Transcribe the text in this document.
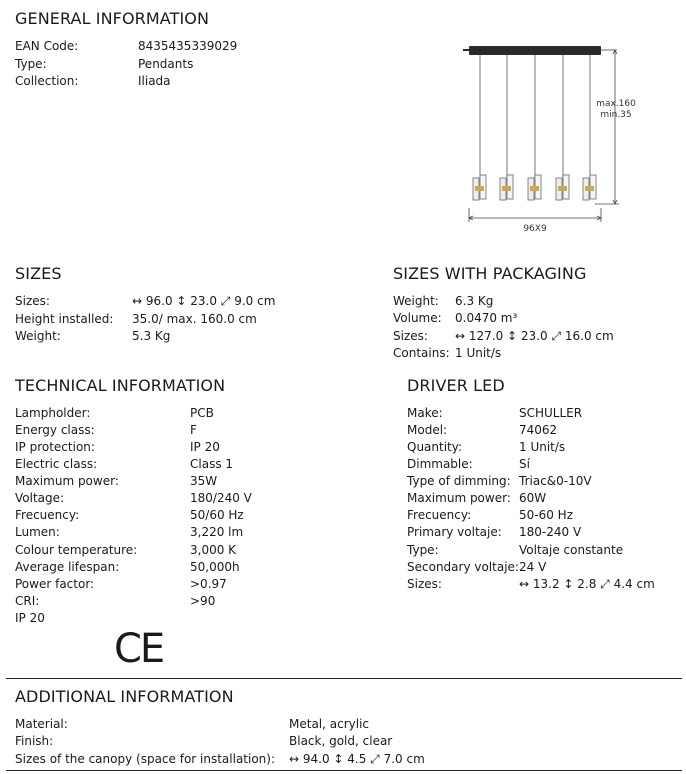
GENERAL INFORMATION
EAN Code:	8435435339029
Type:	Pendants
Collection:	Iliada
max.160
min.35
96X9
SIZES
Sizes:	↔ 96.0 ↕ 23.0 ⤢ 9.0 cm
Height installed: 35.0/ max. 160.0 cm
Weight:	5.3 Kg
SIZES WITH PACKAGING
Weight: 6.3 Kg
Volume: 0.0470 m³
Sizes: ↔ 127.0 ↕ 23.0 ⤢ 16.0 cm
Contains: 1 Unit/s
TECHNICAL INFORMATION
Lampholder:	PCB
Energy class:	F
IP protection:	IP 20
Electric class:	Class 1
Maximum power:	35W
Voltage:	180/240 V
Frecuency:	50/60 Hz
Lumen:	3,220 lm
Colour temperature:	3,000 K
Average lifespan:	50,000h
Power factor:	>0.97
CRI:	>90
IP 20
CE
DRIVER LED
Make:	SCHULLER
Model:	74062
Quantity:	1 Unit/s
Dimmable:	Sí
Type of dimming: Triac&0-10V
Maximum power: 60W
Frecuency:	50-60 Hz
Primary voltaje: 180-240 V
Type:	Voltaje constante
Secondary voltaje: 24 V
Sizes:	↔ 13.2 ↕ 2.8 ⤢ 4.4 cm
ADDITIONAL INFORMATION
Material:	Metal, acrylic
Finish:	Black, gold, clear
Sizes of the canopy (space for installation): ↔ 94.0 ↕ 4.5 ⤢ 7.0 cm
